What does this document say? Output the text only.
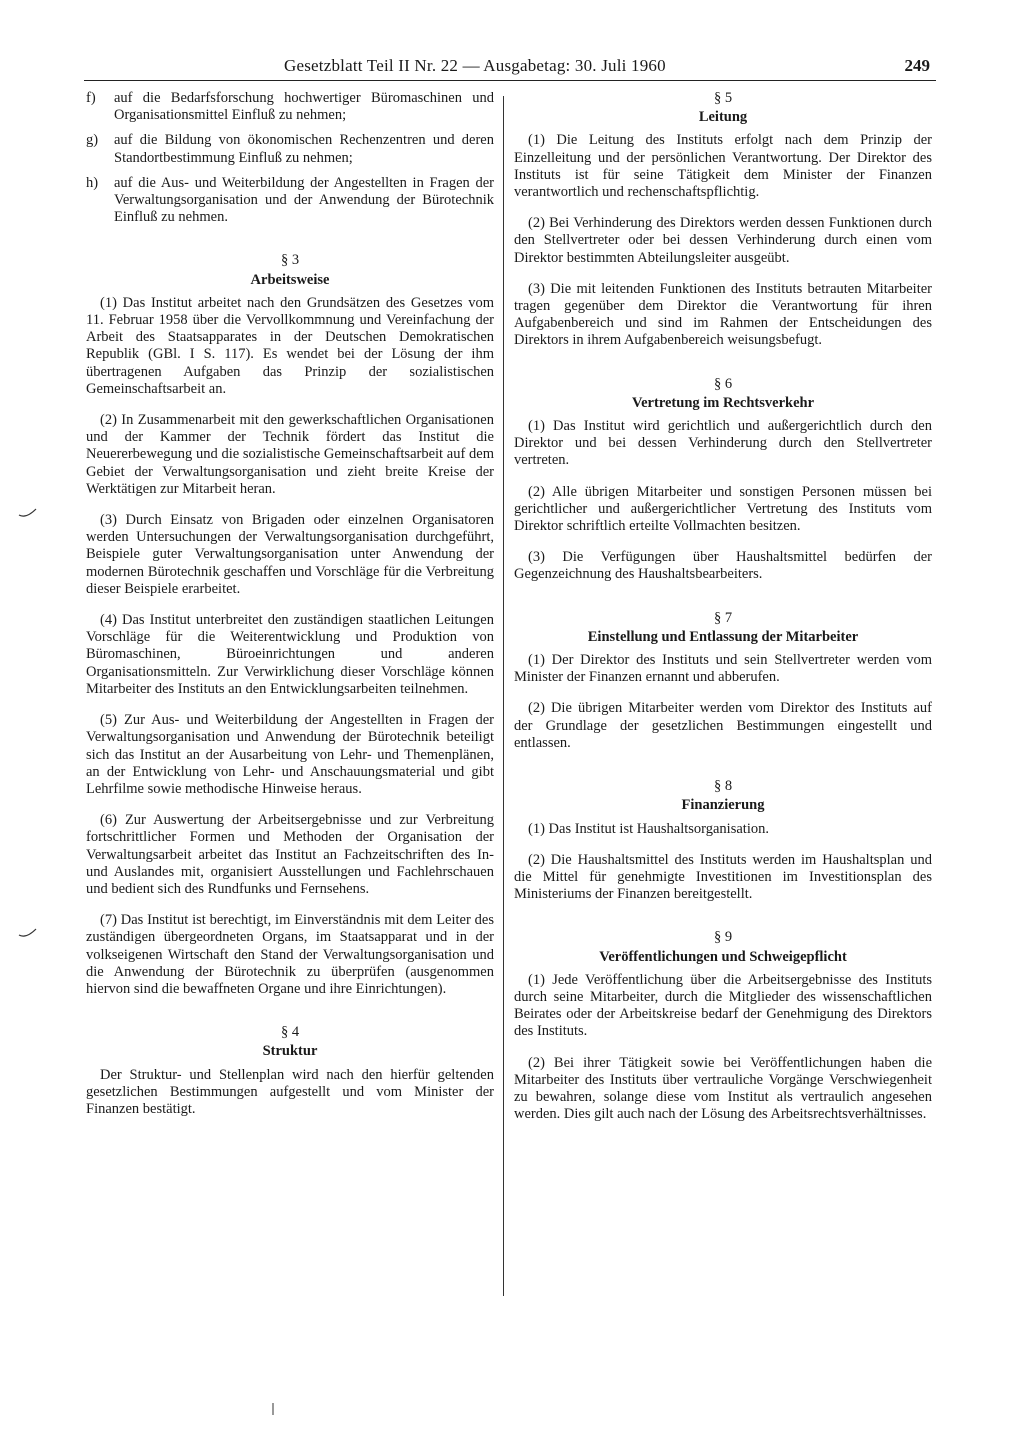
Gesetzblatt Teil II Nr. 22 — Ausgabetag: 30. Juli 1960	249
f)	auf die Bedarfsforschung hochwertiger Büromaschinen und Organisationsmittel Einfluß zu nehmen;
g)	auf die Bildung von ökonomischen Rechenzentren und deren Standortbestimmung Einfluß zu nehmen;
h)	auf die Aus- und Weiterbildung der Angestellten in Fragen der Verwaltungsorganisation und der Anwendung der Bürotechnik Einfluß zu nehmen.
§ 3
Arbeitsweise

(1) Das Institut arbeitet nach den Grundsätzen des Gesetzes vom 11. Februar 1958 über die Vervollkommnung und Vereinfachung der Arbeit des Staatsapparates in der Deutschen Demokratischen Republik (GBl. I S. 117). Es wendet bei der Lösung der ihm übertragenen Aufgaben das Prinzip der sozialistischen Gemeinschaftsarbeit an.

(2) In Zusammenarbeit mit den gewerkschaftlichen Organisationen und der Kammer der Technik fördert das Institut die Neuererbewegung und die sozialistische Gemeinschaftsarbeit auf dem Gebiet der Verwaltungsorganisation und zieht breite Kreise der Werktätigen zur Mitarbeit heran.

(3) Durch Einsatz von Brigaden oder einzelnen Organisatoren werden Untersuchungen der Verwaltungsorganisation durchgeführt, Beispiele guter Verwaltungsorganisation unter Anwendung der modernen Bürotechnik geschaffen und Vorschläge für die Verbreitung dieser Beispiele erarbeitet.

(4) Das Institut unterbreitet den zuständigen staatlichen Leitungen Vorschläge für die Weiterentwicklung und Produktion von Büromaschinen, Büroeinrichtungen und anderen Organisationsmitteln. Zur Verwirklichung dieser Vorschläge können Mitarbeiter des Instituts an den Entwicklungsarbeiten teilnehmen.

(5) Zur Aus- und Weiterbildung der Angestellten in Fragen der Verwaltungsorganisation und Anwendung der Bürotechnik beteiligt sich das Institut an der Ausarbeitung von Lehr- und Themenplänen, an der Entwicklung von Lehr- und Anschauungsmaterial und gibt Lehrfilme sowie methodische Hinweise heraus.

(6) Zur Auswertung der Arbeitsergebnisse und zur Verbreitung fortschrittlicher Formen und Methoden der Organisation der Verwaltungsarbeit arbeitet das Institut an Fachzeitschriften des In- und Auslandes mit, organisiert Ausstellungen und Fachlehrschauen und bedient sich des Rundfunks und Fernsehens.

(7) Das Institut ist berechtigt, im Einverständnis mit dem Leiter des zuständigen übergeordneten Organs, im Staatsapparat und in der volkseigenen Wirtschaft den Stand der Verwaltungsorganisation und die Anwendung der Bürotechnik zu überprüfen (ausgenommen hiervon sind die bewaffneten Organe und ihre Einrichtungen).

§ 4
Struktur

Der Struktur- und Stellenplan wird nach den hierfür geltenden gesetzlichen Bestimmungen aufgestellt und vom Minister der Finanzen bestätigt.

§ 5
Leitung

(1) Die Leitung des Instituts erfolgt nach dem Prinzip der Einzelleitung und der persönlichen Verantwortung. Der Direktor des Instituts ist für seine Tätigkeit dem Minister der Finanzen verantwortlich und rechenschaftspflichtig.

(2) Bei Verhinderung des Direktors werden dessen Funktionen durch den Stellvertreter oder bei dessen Verhinderung durch einen vom Direktor bestimmten Abteilungsleiter ausgeübt.

(3) Die mit leitenden Funktionen des Instituts betrauten Mitarbeiter tragen gegenüber dem Direktor die Verantwortung für ihren Aufgabenbereich und sind im Rahmen der Entscheidungen des Direktors in ihrem Aufgabenbereich weisungsbefugt.

§ 6
Vertretung im Rechtsverkehr

(1) Das Institut wird gerichtlich und außergerichtlich durch den Direktor und bei dessen Verhinderung durch den Stellvertreter vertreten.

(2) Alle übrigen Mitarbeiter und sonstigen Personen müssen bei gerichtlicher und außergerichtlicher Vertretung des Instituts vom Direktor schriftlich erteilte Vollmachten besitzen.

(3) Die Verfügungen über Haushaltsmittel bedürfen der Gegenzeichnung des Haushaltsbearbeiters.

§ 7
Einstellung und Entlassung der Mitarbeiter

(1) Der Direktor des Instituts und sein Stellvertreter werden vom Minister der Finanzen ernannt und abberufen.

(2) Die übrigen Mitarbeiter werden vom Direktor des Instituts auf der Grundlage der gesetzlichen Bestimmungen eingestellt und entlassen.

§ 8
Finanzierung

(1) Das Institut ist Haushaltsorganisation.

(2) Die Haushaltsmittel des Instituts werden im Haushaltsplan und die Mittel für genehmigte Investitionen im Investitionsplan des Ministeriums der Finanzen bereitgestellt.

§ 9
Veröffentlichungen und Schweigepflicht

(1) Jede Veröffentlichung über die Arbeitsergebnisse des Instituts durch seine Mitarbeiter, durch die Mitglieder des wissenschaftlichen Beirates oder der Arbeitskreise bedarf der Genehmigung des Direktors des Instituts.

(2) Bei ihrer Tätigkeit sowie bei Veröffentlichungen haben die Mitarbeiter des Instituts über vertrauliche Vorgänge Verschwiegenheit zu bewahren, solange diese vom Institut als vertraulich angesehen werden. Dies gilt auch nach der Lösung des Arbeitsrechtsverhältnisses.
